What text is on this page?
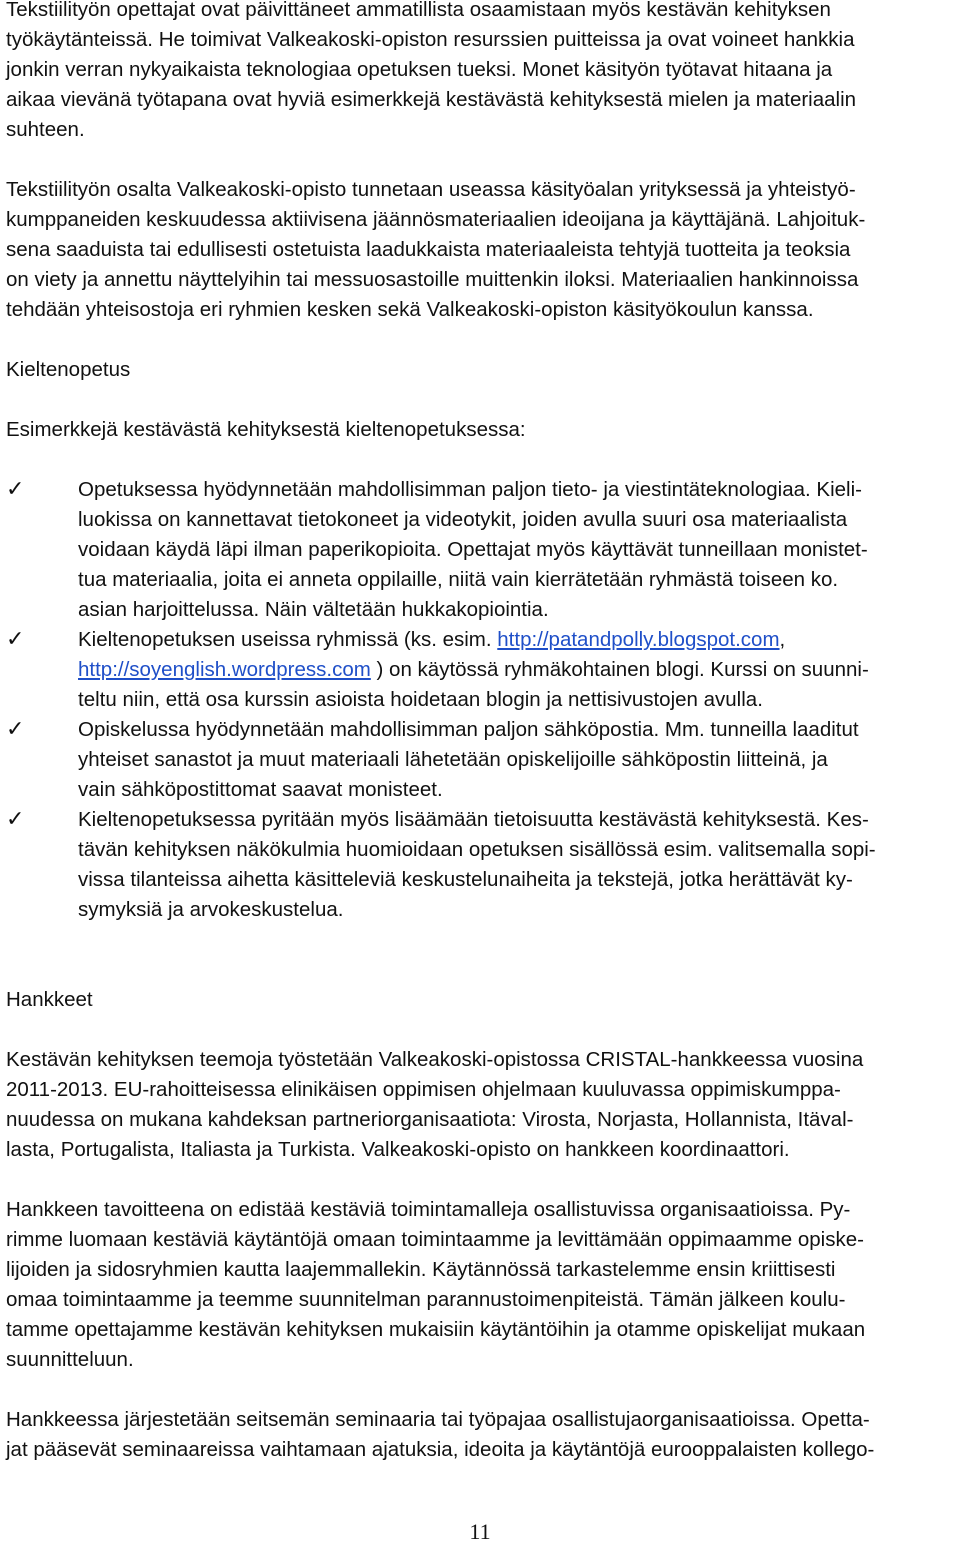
Tekstiilityön opettajat ovat päivittäneet ammatillista osaamistaan myös kestävän kehityksen
työkäytänteissä. He toimivat Valkeakoski-opiston resurssien puitteissa ja ovat voineet hankkia
jonkin verran nykyaikaista teknologiaa opetuksen tueksi. Monet käsityön työtavat hitaana ja
aikaa vievänä työtapana ovat hyviä esimerkkejä kestävästä kehityksestä mielen ja materiaalin
suhteen.
Tekstiilityön osalta Valkeakoski-opisto tunnetaan useassa käsityöalan yrityksessä ja yhteistyö-
kumppaneiden keskuudessa aktiivisena jäännösmateriaalien ideoijana ja käyttäjänä. Lahjoituk-
sena saaduista tai edullisesti ostetuista laadukkaista materiaaleista tehtyjä tuotteita ja teoksia
on viety ja annettu näyttelyihin tai messuosastoille muittenkin iloksi. Materiaalien hankinnoissa
tehdään yhteisostoja eri ryhmien kesken sekä Valkeakoski-opiston käsityökoulun kanssa.
Kieltenopetus
Esimerkkejä kestävästä kehityksestä kieltenopetuksessa:
✓	Opetuksessa hyödynnetään mahdollisimman paljon tieto- ja viestintäteknologiaa. Kieli-
luokissa on kannettavat tietokoneet ja videotykit, joiden avulla suuri osa materiaalista
voidaan käydä läpi ilman paperikopioita. Opettajat myös käyttävät tunneillaan monistet-
tua materiaalia, joita ei anneta oppilaille, niitä vain kierrätetään ryhmästä toiseen ko.
asian harjoittelussa. Näin vältetään hukkakopiointia.
✓	Kieltenopetuksen useissa ryhmissä (ks. esim. http://patandpolly.blogspot.com,
http://soyenglish.wordpress.com ) on käytössä ryhmäkohtainen blogi. Kurssi on suunni-
teltu niin, että osa kurssin asioista hoidetaan blogin ja nettisivustojen avulla.
✓	Opiskelussa hyödynnetään mahdollisimman paljon sähköpostia. Mm. tunneilla laaditut
yhteiset sanastot ja muut materiaali lähetetään opiskelijoille sähköpostin liitteinä, ja
vain sähköpostittomat saavat monisteet.
✓	Kieltenopetuksessa pyritään myös lisäämään tietoisuutta kestävästä kehityksestä. Kes-
tävän kehityksen näkökulmia huomioidaan opetuksen sisällössä esim. valitsemalla sopi-
vissa tilanteissa aihetta käsitteleviä keskustelunaiheita ja tekstejä, jotka herättävät ky-
symyksiä ja arvokeskustelua.
Hankkeet
Kestävän kehityksen teemoja työstetään Valkeakoski-opistossa CRISTAL-hankkeessa vuosina
2011-2013. EU-rahoitteisessa elinikäisen oppimisen ohjelmaan kuuluvassa oppimiskumppa-
nuudessa on mukana kahdeksan partneriorganisaatiota: Virosta, Norjasta, Hollannista, Itäval-
lasta, Portugalista, Italiasta ja Turkista. Valkeakoski-opisto on hankkeen koordinaattori.
Hankkeen tavoitteena on edistää kestäviä toimintamalleja osallistuvissa organisaatioissa. Py-
rimme luomaan kestäviä käytäntöjä omaan toimintaamme ja levittämään oppimaamme opiske-
lijoiden ja sidosryhmien kautta laajemmallekin. Käytännössä tarkastelemme ensin kriittisesti
omaa toimintaamme ja teemme suunnitelman parannustoimenpiteistä. Tämän jälkeen koulu-
tamme opettajamme kestävän kehityksen mukaisiin käytäntöihin ja otamme opiskelijat mukaan
suunnitteluun.
Hankkeessa järjestetään seitsemän seminaaria tai työpajaa osallistujaorganisaatioissa. Opetta-
jat pääsevät seminaareissa vaihtamaan ajatuksia, ideoita ja käytäntöjä eurooppalaisten kollego-
11
